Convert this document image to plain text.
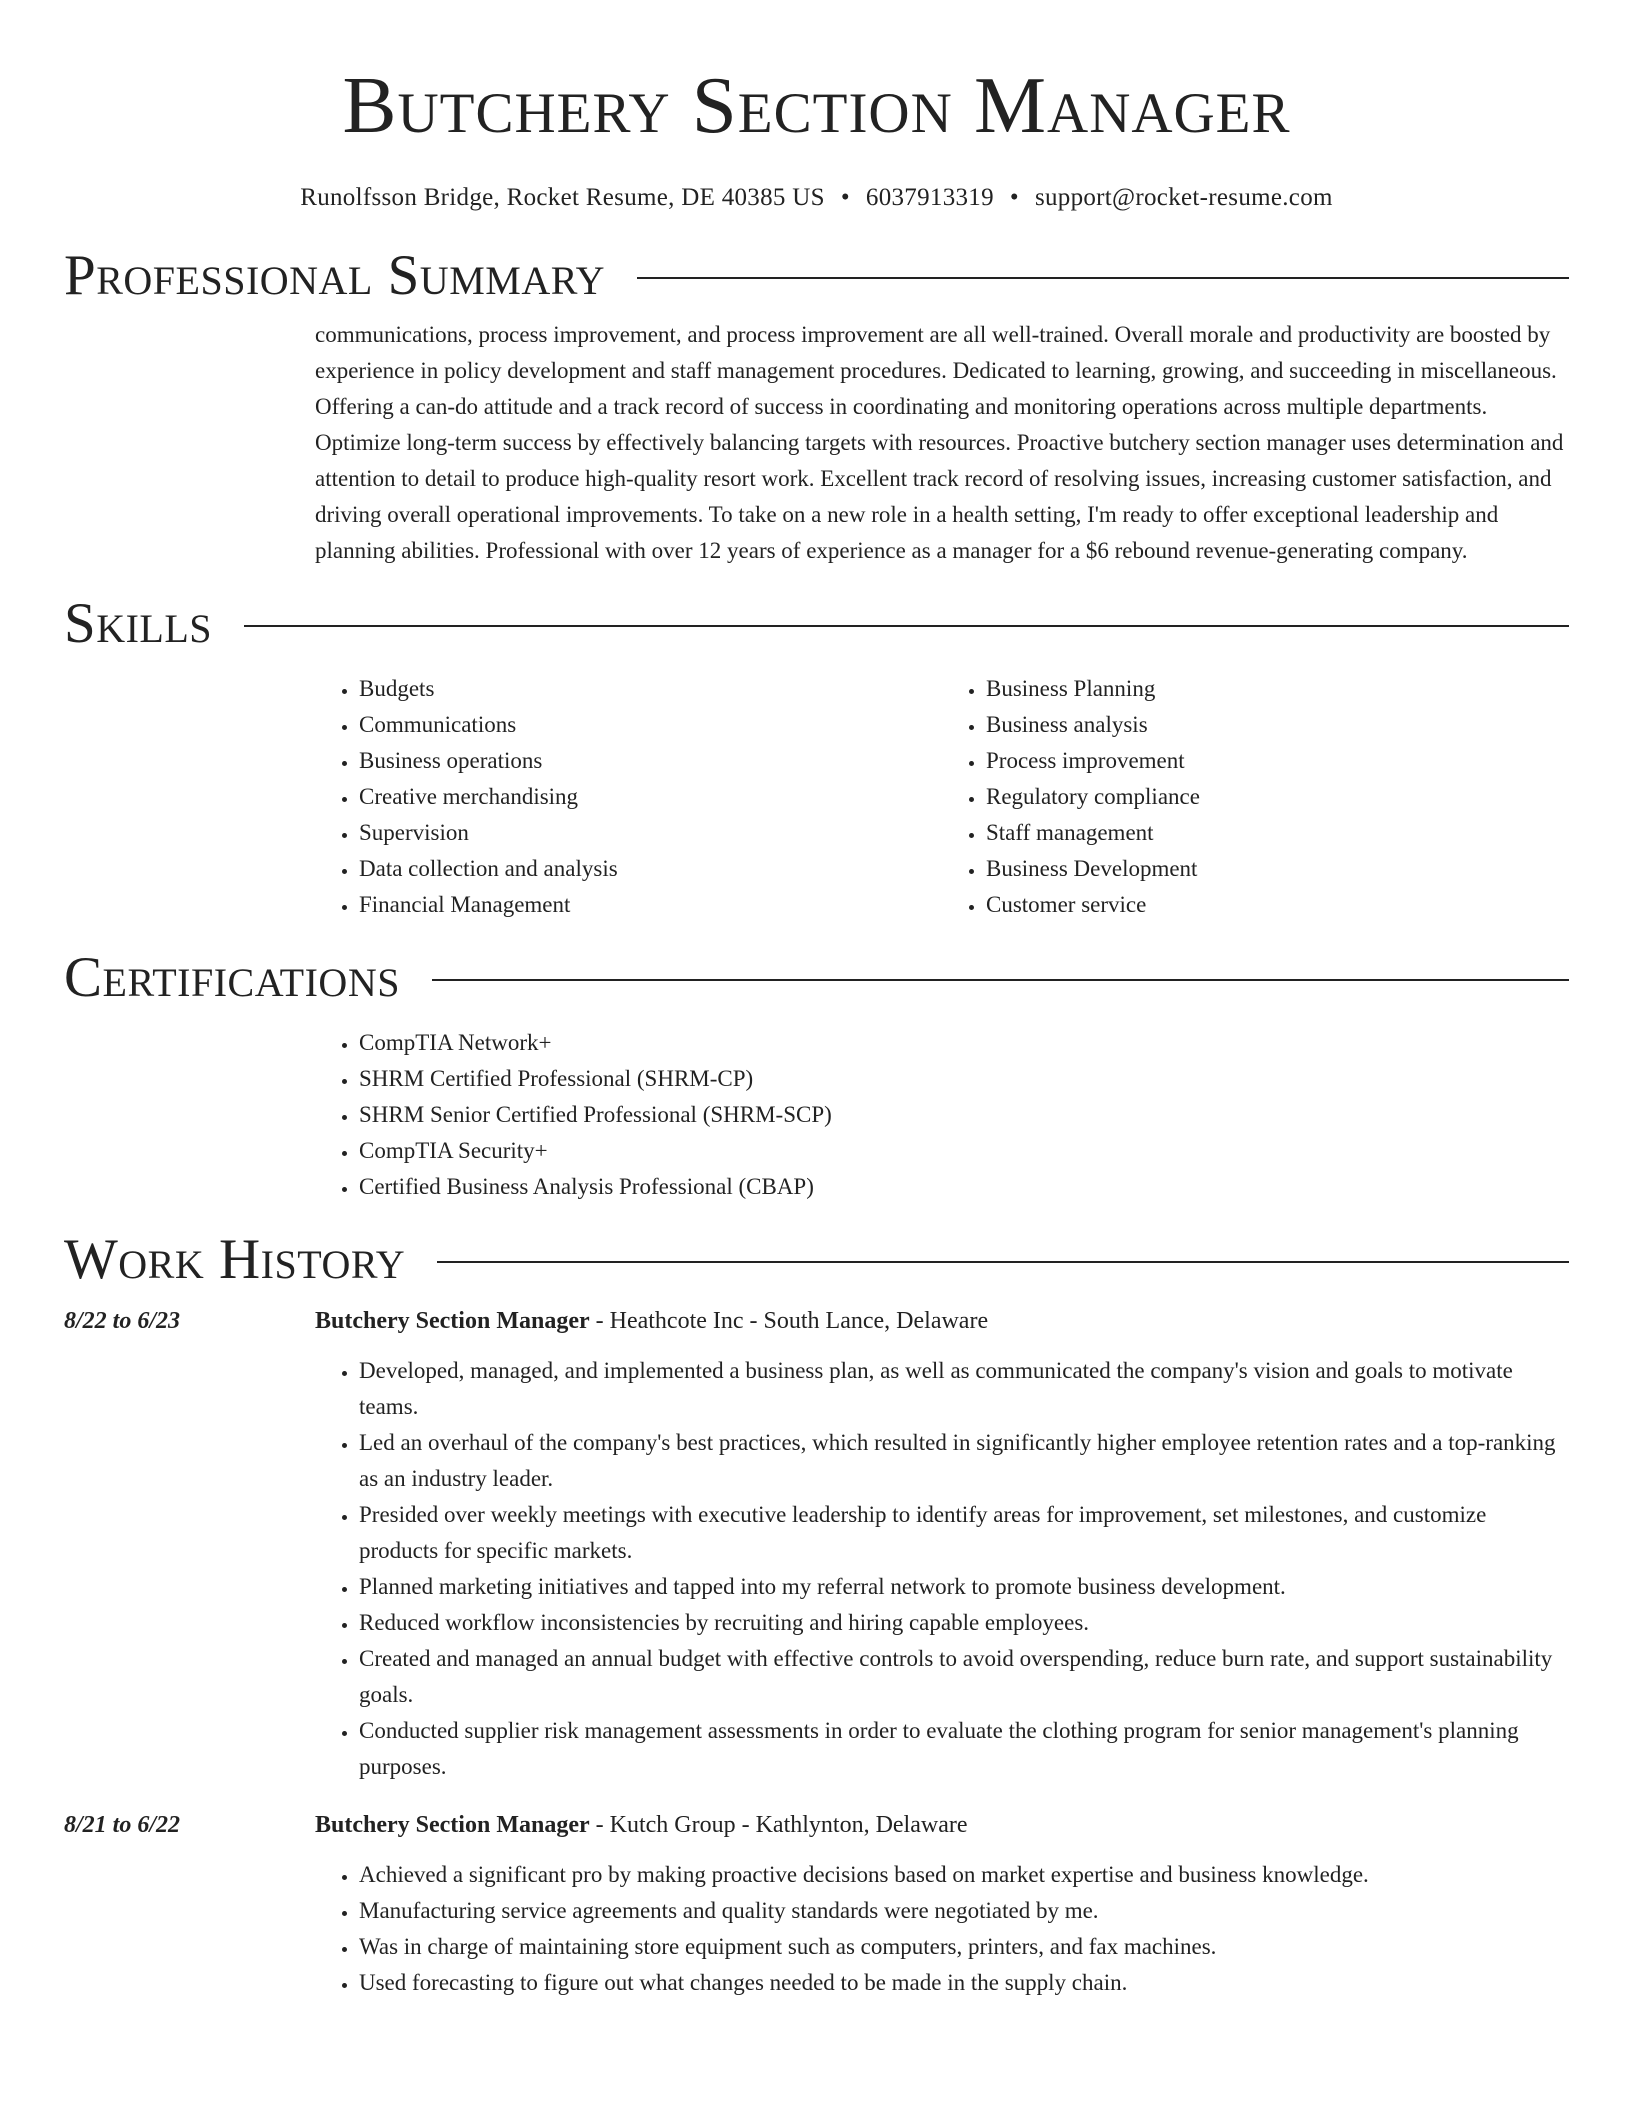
Butchery Section Manager
Runolfsson Bridge, Rocket Resume, DE 40385 US • 6037913319 • support@rocket-resume.com
Professional Summary

communications, process improvement, and process improvement are all well-trained. Overall morale and productivity are boosted by experience in policy development and staff management procedures. Dedicated to learning, growing, and succeeding in miscellaneous. Offering a can-do attitude and a track record of success in coordinating and monitoring operations across multiple departments. Optimize long-term success by effectively balancing targets with resources. Proactive butchery section manager uses determination and attention to detail to produce high-quality resort work. Excellent track record of resolving issues, increasing customer satisfaction, and driving overall operational improvements. To take on a new role in a health setting, I'm ready to offer exceptional leadership and planning abilities. Professional with over 12 years of experience as a manager for a $6 rebound revenue-generating company.

Skills
• Budgets
• Communications
• Business operations
• Creative merchandising
• Supervision
• Data collection and analysis
• Financial Management
• Business Planning
• Business analysis
• Process improvement
• Regulatory compliance
• Staff management
• Business Development
• Customer service
Certifications
• CompTIA Network+
• SHRM Certified Professional (SHRM-CP)
• SHRM Senior Certified Professional (SHRM-SCP)
• CompTIA Security+
• Certified Business Analysis Professional (CBAP)
Work History
8/22 to 6/23	Butchery Section Manager - Heathcote Inc - South Lance, Delaware
• Developed, managed, and implemented a business plan, as well as communicated the company's vision and goals to motivate teams.
• Led an overhaul of the company's best practices, which resulted in significantly higher employee retention rates and a top-ranking as an industry leader.
• Presided over weekly meetings with executive leadership to identify areas for improvement, set milestones, and customize products for specific markets.
• Planned marketing initiatives and tapped into my referral network to promote business development.
• Reduced workflow inconsistencies by recruiting and hiring capable employees.
• Created and managed an annual budget with effective controls to avoid overspending, reduce burn rate, and support sustainability goals.
• Conducted supplier risk management assessments in order to evaluate the clothing program for senior management's planning purposes.
8/21 to 6/22	Butchery Section Manager - Kutch Group - Kathlynton, Delaware
• Achieved a significant pro by making proactive decisions based on market expertise and business knowledge.
• Manufacturing service agreements and quality standards were negotiated by me.
• Was in charge of maintaining store equipment such as computers, printers, and fax machines.
• Used forecasting to figure out what changes needed to be made in the supply chain.
